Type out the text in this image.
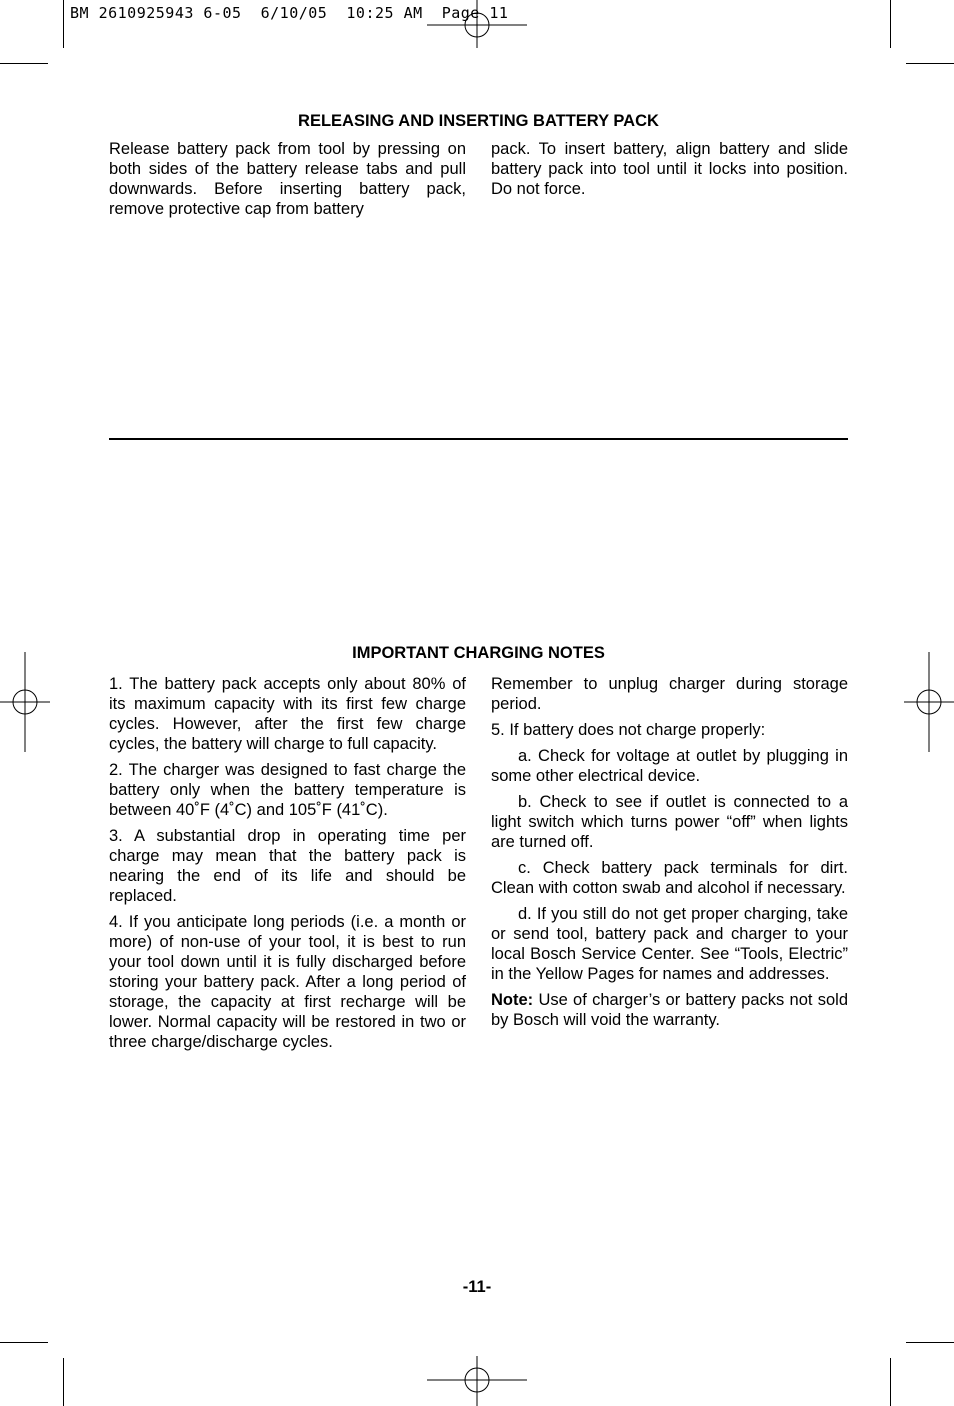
BM 2610925943 6-05  6/10/05  10:25 AM  Page 11
RELEASING AND INSERTING BATTERY PACK

Release battery pack from tool by pressing on both sides of the battery release tabs and pull downwards. Before inserting battery pack, remove protective cap from battery

pack. To insert battery, align battery and slide battery pack into tool until it locks into position. Do not force.

IMPORTANT CHARGING NOTES

1. The battery pack accepts only about 80% of its maximum capacity with its first few charge cycles. However, after the first few charge cycles, the battery will charge to full capacity.

2. The charger was designed to fast charge the battery only when the battery temperature is between 40˚F (4˚C) and 105˚F (41˚C).

3. A substantial drop in operating time per charge may mean that the battery pack is nearing the end of its life and should be replaced.

4. If you anticipate long periods (i.e. a month or more) of non-use of your tool, it is best to run your tool down until it is fully discharged before storing your battery pack. After a long period of storage, the capacity at first recharge will be lower. Normal capacity will be restored in two or three charge/discharge cycles.

Remember to unplug charger during storage period.

5. If battery does not charge properly:

a. Check for voltage at outlet by plugging in some other electrical device.

b. Check to see if outlet is connected to a light switch which turns power “off” when lights are turned off.

c. Check battery pack terminals for dirt. Clean with cotton swab and alcohol if necessary.

d. If you still do not get proper charging, take or send tool, battery pack and charger to your local Bosch Service Center. See “Tools, Electric” in the Yellow Pages for names and addresses.

Note: Use of charger’s or battery packs not sold by Bosch will void the warranty.

-11-
